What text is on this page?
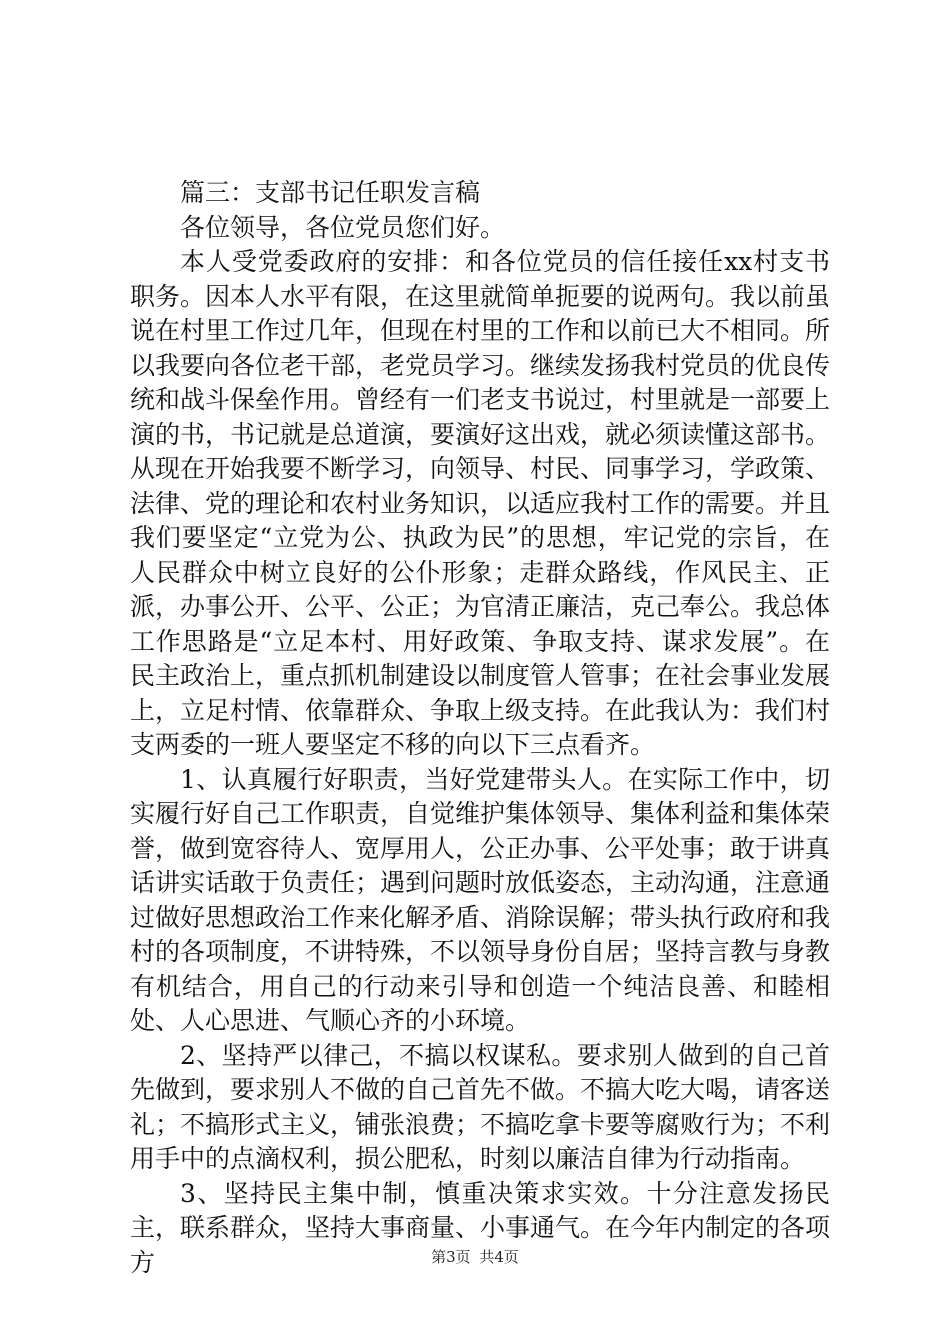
篇三：支部书记任职发言稿

各位领导，各位党员您们好。

本人受党委政府的安排：和各位党员的信任接任xx村支书职务。因本人水平有限，在这里就简单扼要的说两句。我以前虽说在村里工作过几年，但现在村里的工作和以前已大不相同。所以我要向各位老干部，老党员学习。继续发扬我村党员的优良传统和战斗保垒作用。曾经有一们老支书说过，村里就是一部要上演的书，书记就是总道演，要演好这出戏，就必须读懂这部书。从现在开始我要不断学习，向领导、村民、同事学习，学政策、法律、党的理论和农村业务知识，以适应我村工作的需要。并且我们要坚定“立党为公、执政为民”的思想，牢记党的宗旨，在人民群众中树立良好的公仆形象；走群众路线，作风民主、正派，办事公开、公平、公正；为官清正廉洁，克己奉公。我总体工作思路是“立足本村、用好政策、争取支持、谋求发展”。在民主政治上，重点抓机制建设以制度管人管事；在社会事业发展上，立足村情、依靠群众、争取上级支持。在此我认为：我们村支两委的一班人要坚定不移的向以下三点看齐。

1、认真履行好职责，当好党建带头人。在实际工作中，切实履行好自己工作职责，自觉维护集体领导、集体利益和集体荣誉，做到宽容待人、宽厚用人，公正办事、公平处事；敢于讲真话讲实话敢于负责任；遇到问题时放低姿态，主动沟通，注意通过做好思想政治工作来化解矛盾、消除误解；带头执行政府和我村的各项制度，不讲特殊，不以领导身份自居；坚持言教与身教有机结合，用自己的行动来引导和创造一个纯洁良善、和睦相处、人心思进、气顺心齐的小环境。

2、坚持严以律己，不搞以权谋私。要求别人做到的自己首先做到，要求别人不做的自己首先不做。不搞大吃大喝，请客送礼；不搞形式主义，铺张浪费；不搞吃拿卡要等腐败行为；不利用手中的点滴权利，损公肥私，时刻以廉洁自律为行动指南。

3、坚持民主集中制，慎重决策求实效。十分注意发扬民主，联系群众，坚持大事商量、小事通气。在今年内制定的各项方	第3页 共4页
